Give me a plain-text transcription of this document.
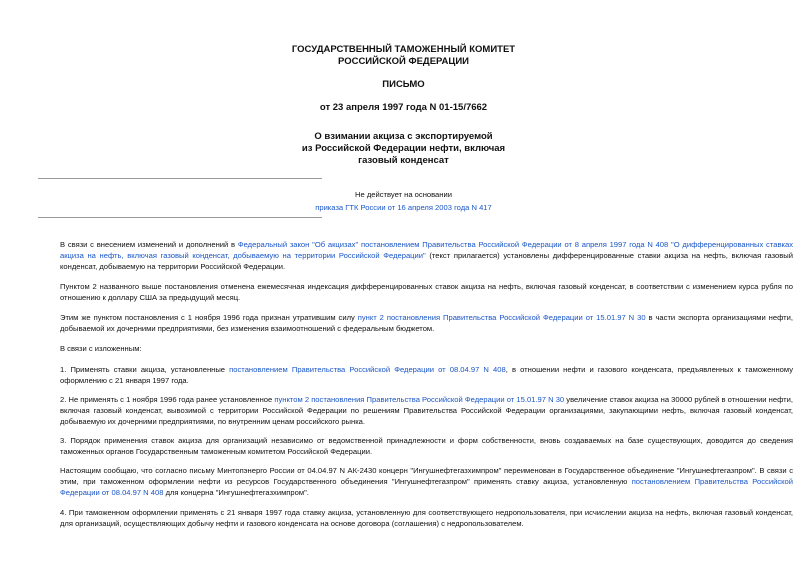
ГОСУДАРСТВЕННЫЙ ТАМОЖЕННЫЙ КОМИТЕТ
РОССИЙСКОЙ ФЕДЕРАЦИИ
ПИСЬМО
от 23 апреля 1997 года N 01-15/7662
О взимании акциза с экспортируемой
из Российской Федерации нефти, включая
газовый конденсат
Не действует на основании
приказа ГТК России от 16 апреля 2003 года N 417
В связи с внесением изменений и дополнений в Федеральный закон "Об акцизах" постановлением Правительства Российской Федерации от 8 апреля 1997 года N 408 "О дифференцированных ставках акциза на нефть, включая газовый конденсат, добываемую на территории Российской Федерации" (текст прилагается) установлены дифференцированные ставки акциза на нефть, включая газовый конденсат, добываемую на территории Российской Федерации.
Пунктом 2 названного выше постановления отменена ежемесячная индексация дифференцированных ставок акциза на нефть, включая газовый конденсат, в соответствии с изменением курса рубля по отношению к доллару США за предыдущий месяц.
Этим же пунктом постановления с 1 ноября 1996 года признан утратившим силу пункт 2 постановления Правительства Российской Федерации от 15.01.97 N 30 в части экспорта организациями нефти, добываемой их дочерними предприятиями, без изменения взаимоотношений с федеральным бюджетом.
В связи с изложенным:
1. Применять ставки акциза, установленные постановлением Правительства Российской Федерации от 08.04.97 N 408, в отношении нефти и газового конденсата, предъявленных к таможенному оформлению с 21 января 1997 года.
2. Не применять с 1 ноября 1996 года ранее установленное пунктом 2 постановления Правительства Российской Федерации от 15.01.97 N 30 увеличение ставок акциза на 30000 рублей в отношении нефти, включая газовый конденсат, вывозимой с территории Российской Федерации по решениям Правительства Российской Федерации организациями, закупающими нефть, включая газовый конденсат, добываемую их дочерними предприятиями, по внутренним ценам российского рынка.
3. Порядок применения ставок акциза для организаций независимо от ведомственной принадлежности и форм собственности, вновь создаваемых на базе существующих, доводится до сведения таможенных органов Государственным таможенным комитетом Российской Федерации.
Настоящим сообщаю, что согласно письму Минтопэнерго России от 04.04.97 N АК-2430 концерн "Ингушнефтегазхимпром" переименован в Государственное объединение "Ингушнефтегазпром". В связи с этим, при таможенном оформлении нефти из ресурсов Государственного объединения "Ингушнефтегазпром" применять ставку акциза, установленную постановлением Правительства Российской Федерации от 08.04.97 N 408 для концерна "Ингушнефтегазхимпром".
4. При таможенном оформлении применять с 21 января 1997 года ставку акциза, установленную для соответствующего недропользователя, при исчислении акциза на нефть, включая газовый конденсат, для организаций, осуществляющих добычу нефти и газового конденсата на основе договора (соглашения) с недропользователем.
